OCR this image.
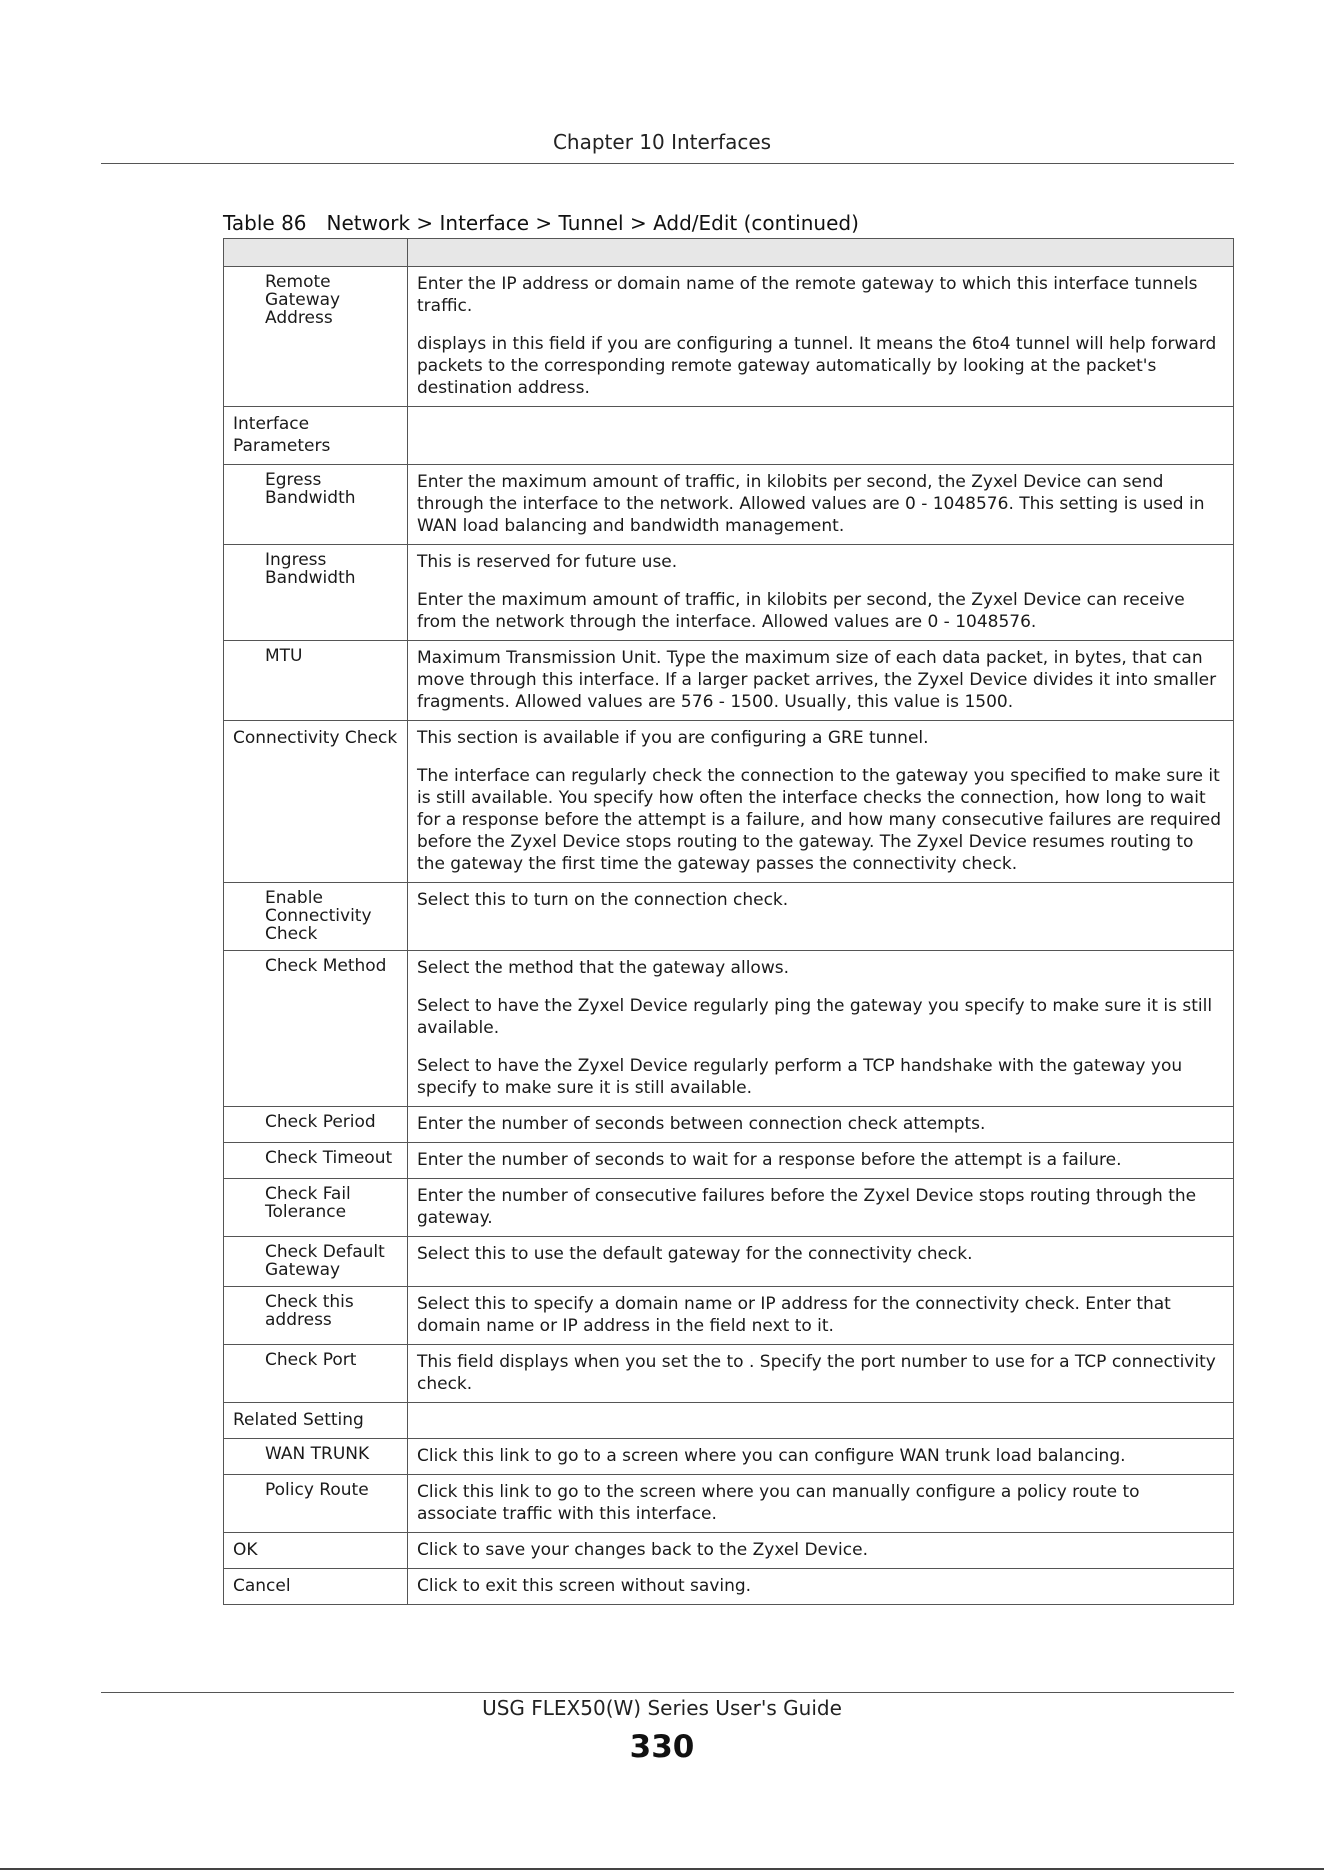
Chapter 10 Interfaces
Table 86 Network > Interface > Tunnel > Add/Edit (continued)

Remote Gateway Address	Enter the IP address or domain name of the remote gateway to which this interface tunnels traffic.

displays in this field if you are configuring a tunnel. It means the 6to4 tunnel will help forward packets to the corresponding remote gateway automatically by looking at the packet's destination address.

Interface Parameters	

Egress Bandwidth	Enter the maximum amount of traffic, in kilobits per second, the Zyxel Device can send through the interface to the network. Allowed values are 0 - 1048576. This setting is used in WAN load balancing and bandwidth management.

Ingress Bandwidth	This is reserved for future use.

Enter the maximum amount of traffic, in kilobits per second, the Zyxel Device can receive from the network through the interface. Allowed values are 0 - 1048576.

MTU	Maximum Transmission Unit. Type the maximum size of each data packet, in bytes, that can move through this interface. If a larger packet arrives, the Zyxel Device divides it into smaller fragments. Allowed values are 576 - 1500. Usually, this value is 1500.

Connectivity Check	This section is available if you are configuring a GRE tunnel.

The interface can regularly check the connection to the gateway you specified to make sure it is still available. You specify how often the interface checks the connection, how long to wait for a response before the attempt is a failure, and how many consecutive failures are required before the Zyxel Device stops routing to the gateway. The Zyxel Device resumes routing to the gateway the first time the gateway passes the connectivity check.

Enable Connectivity Check	Select this to turn on the connection check.

Check Method	Select the method that the gateway allows.

Select to have the Zyxel Device regularly ping the gateway you specify to make sure it is still available.

Select to have the Zyxel Device regularly perform a TCP handshake with the gateway you specify to make sure it is still available.

Check Period	Enter the number of seconds between connection check attempts.

Check Timeout	Enter the number of seconds to wait for a response before the attempt is a failure.

Check Fail Tolerance	Enter the number of consecutive failures before the Zyxel Device stops routing through the gateway.

Check Default Gateway	Select this to use the default gateway for the connectivity check.

Check this address	Select this to specify a domain name or IP address for the connectivity check. Enter that domain name or IP address in the field next to it.

Check Port	This field displays when you set the to . Specify the port number to use for a TCP connectivity check.

Related Setting	

WAN TRUNK	Click this link to go to a screen where you can configure WAN trunk load balancing.

Policy Route	Click this link to go to the screen where you can manually configure a policy route to associate traffic with this interface.

OK	Click to save your changes back to the Zyxel Device.

Cancel	Click to exit this screen without saving.

USG FLEX50(W) Series User's Guide
330
